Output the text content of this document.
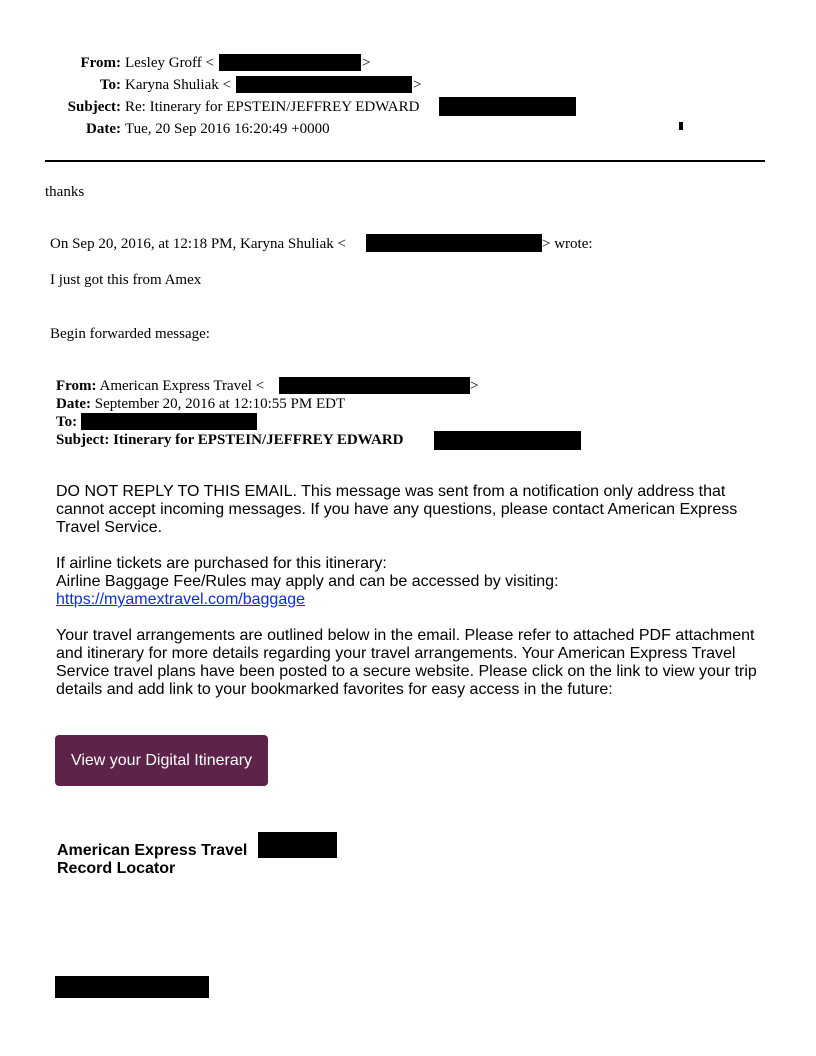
From: Lesley Groff <	>
To: Karyna Shuliak <	>
Subject: Re: Itinerary for EPSTEIN/JEFFREY EDWARD
Date: Tue, 20 Sep 2016 16:20:49 +0000
thanks
On Sep 20, 2016, at 12:18 PM, Karyna Shuliak <	> wrote:
I just got this from Amex
Begin forwarded message:
From: American Express Travel <	>
Date: September 20, 2016 at 12:10:55 PM EDT
To:
Subject: Itinerary for EPSTEIN/JEFFREY EDWARD

DO NOT REPLY TO THIS EMAIL. This message was sent from a notification only address that cannot accept incoming messages. If you have any questions, please contact American Express Travel Service.

If airline tickets are purchased for this itinerary:

Airline Baggage Fee/Rules may apply and can be accessed by visiting:

https://myamextravel.com/baggage

Your travel arrangements are outlined below in the email. Please refer to attached PDF attachment and itinerary for more details regarding your travel arrangements. Your American Express Travel Service travel plans have been posted to a secure website. Please click on the link to view your trip details and add link to your bookmarked favorites for easy access in the future:

View your Digital Itinerary
American Express Travel
Record Locator
